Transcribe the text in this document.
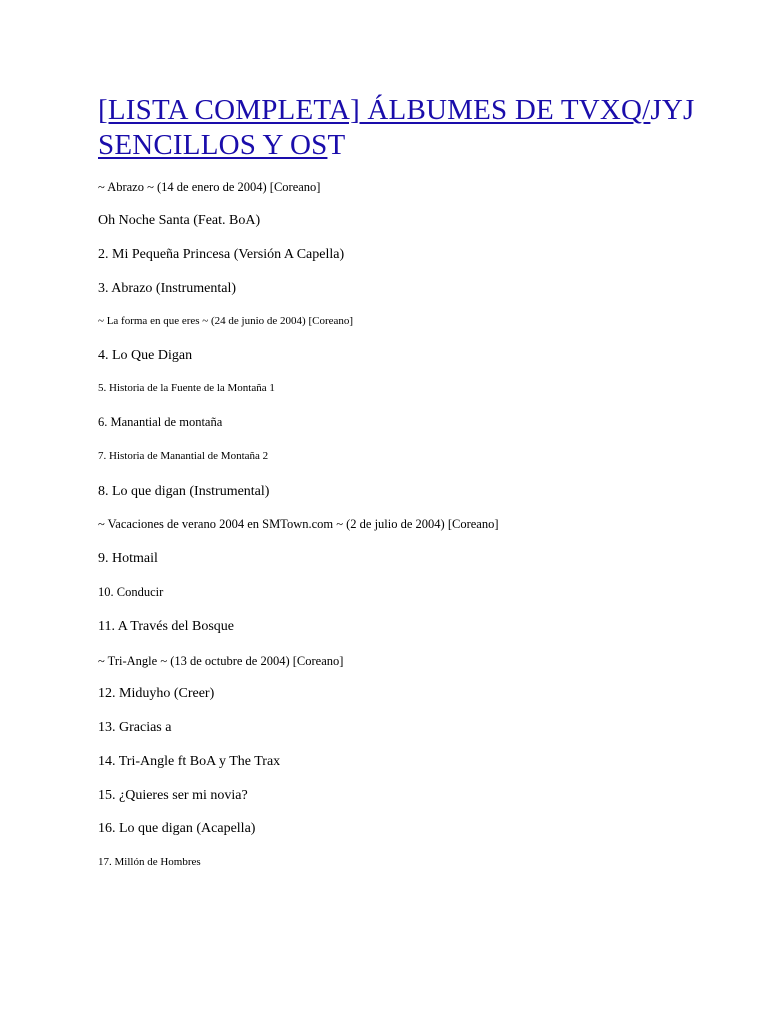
[LISTA COMPLETA] ÁLBUMES DE TVXQ/JYJ
SENCILLOS Y OST
~ Abrazo ~ (14 de enero de 2004) [Coreano]
Oh Noche Santa (Feat. BoA)
2. Mi Pequeña Princesa (Versión A Capella)
3. Abrazo (Instrumental)
~ La forma en que eres ~ (24 de junio de 2004) [Coreano]
4. Lo Que Digan
5. Historia de la Fuente de la Montaña 1
6. Manantial de montaña
7. Historia de Manantial de Montaña 2
8. Lo que digan (Instrumental)
~ Vacaciones de verano 2004 en SMTown.com ~ (2 de julio de 2004) [Coreano]
9. Hotmail
10. Conducir
11. A Través del Bosque
~ Tri-Angle ~ (13 de octubre de 2004) [Coreano]
12. Miduyho (Creer)
13. Gracias a
14. Tri-Angle ft BoA y The Trax
15. ¿Quieres ser mi novia?
16. Lo que digan (Acapella)
17. Millón de Hombres
